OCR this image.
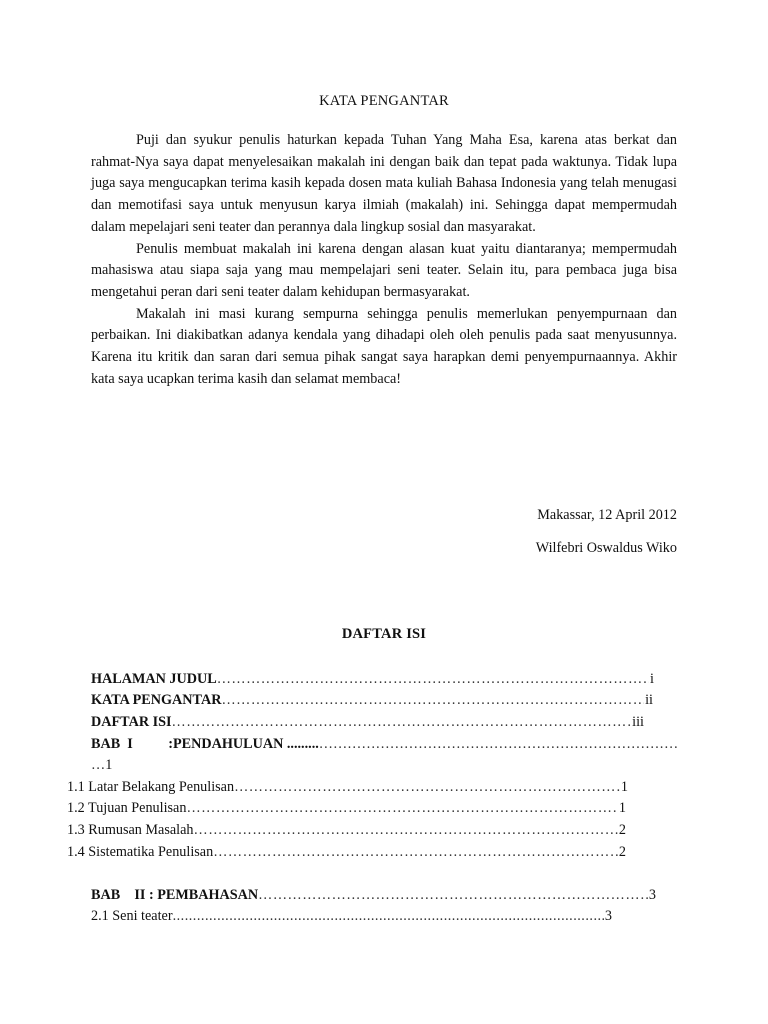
KATA PENGANTAR

Puji dan syukur penulis haturkan kepada Tuhan Yang Maha Esa, karena atas berkat dan rahmat-Nya saya dapat menyelesaikan makalah ini dengan baik dan tepat pada waktunya. Tidak lupa juga saya mengucapkan terima kasih kepada dosen mata kuliah Bahasa Indonesia yang telah menugasi dan memotifasi saya untuk menyusun karya ilmiah (makalah) ini. Sehingga dapat mempermudah dalam mepelajari seni teater dan perannya dala lingkup sosial dan masyarakat.

Penulis membuat makalah ini karena dengan alasan kuat yaitu diantaranya; mempermudah mahasiswa atau siapa saja yang mau mempelajari seni teater. Selain itu, para pembaca juga bisa mengetahui peran dari seni teater dalam kehidupan bermasyarakat.

Makalah ini masi kurang sempurna sehingga penulis memerlukan penyempurnaan dan perbaikan. Ini diakibatkan adanya kendala yang dihadapi oleh oleh penulis pada saat menyusunnya. Karena itu kritik dan saran dari semua pihak sangat saya harapkan demi penyempurnaannya. Akhir kata saya ucapkan terima kasih dan selamat membaca!

Makassar, 12 April 2012
Wilfebri Oswaldus Wiko
DAFTAR ISI
HALAMAN JUDUL …………………………………………………………………………………………………………………………………………………………………………………………………………………………………	i
KATA PENGANTAR …………………………………………………………………………………………………………………………………………………………………………………………………………………………………	ii
DAFTAR ISI …………………………………………………………………………………………………………………………………………………………………………………………………………………………………	iii
BAB  I          :PENDAHULUAN .........
………………………………………………………………………………………………………………………………………………………………………
…1
1.1 Latar Belakang Penulisan …………………………………………………………………………………………………………………………………………………………………………………………………………………………………	1
1.2 Tujuan Penulisan …………………………………………………………………………………………………………………………………………………………………………………………………………………………………	1
1.3 Rumusan Masalah …………………………………………………………………………………………………………………………………………………………………………………………………………………………………	2
1.4 Sistematika Penulisan …………………………………………………………………………………………………………………………………………………………………………………………………………………………………	2
BAB    II : PEMBAHASAN …………………………………………………………………………………………………………………………………………………………………………………………………………………………………	3
2.1 Seni teater .....	3
